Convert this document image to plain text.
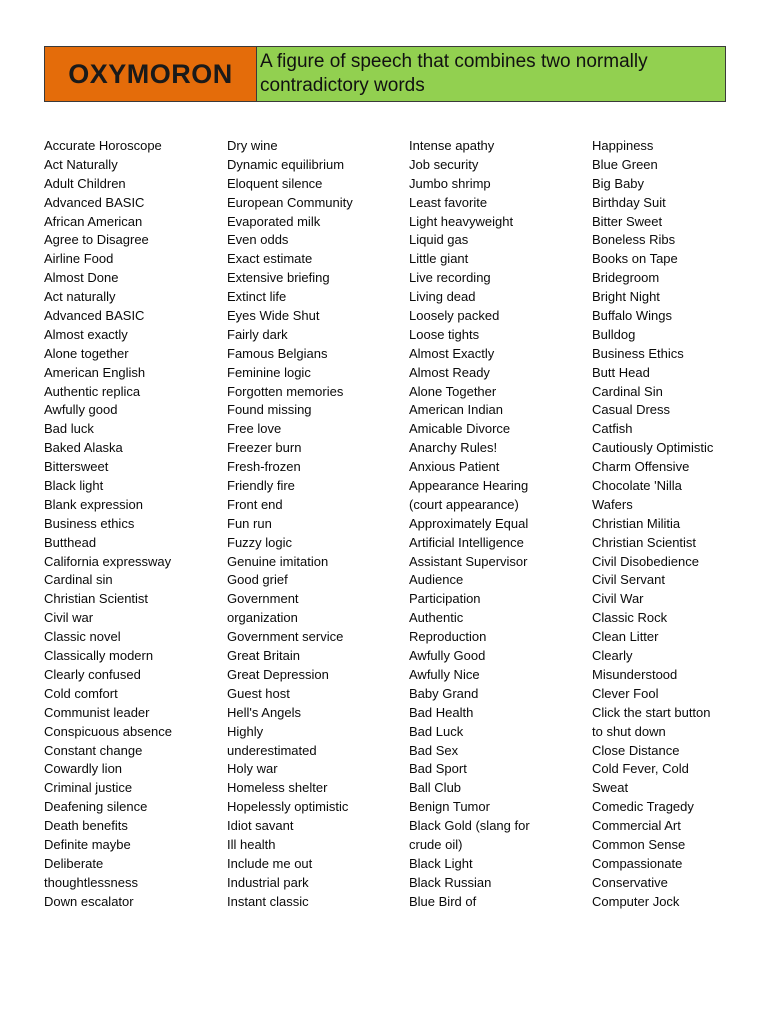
OXYMORON	A figure of speech that combines two normally
contradictory words
Accurate Horoscope
Act Naturally
Adult Children
Advanced BASIC
African American
Agree to Disagree
Airline Food
Almost Done
Act naturally
Advanced BASIC
Almost exactly
Alone together
American English
Authentic replica
Awfully good
Bad luck
Baked Alaska
Bittersweet
Black light
Blank expression
Business ethics
Butthead
California expressway
Cardinal sin
Christian Scientist
Civil war
Classic novel
Classically modern
Clearly confused
Cold comfort
Communist leader
Conspicuous absence
Constant change
Cowardly lion
Criminal justice
Deafening silence
Death benefits
Definite maybe
Deliberate
thoughtlessness
Down escalator
Dry wine
Dynamic equilibrium
Eloquent silence
European Community
Evaporated milk
Even odds
Exact estimate
Extensive briefing
Extinct life
Eyes Wide Shut
Fairly dark
Famous Belgians
Feminine logic
Forgotten memories
Found missing
Free love
Freezer burn
Fresh-frozen
Friendly fire
Front end
Fun run
Fuzzy logic
Genuine imitation
Good grief
Government
organization
Government service
Great Britain
Great Depression
Guest host
Hell's Angels
Highly
underestimated
Holy war
Homeless shelter
Hopelessly optimistic
Idiot savant
Ill health
Include me out
Industrial park
Instant classic
Intense apathy
Job security
Jumbo shrimp
Least favorite
Light heavyweight
Liquid gas
Little giant
Live recording
Living dead
Loosely packed
Loose tights
Almost Exactly
Almost Ready
Alone Together
American Indian
Amicable Divorce
Anarchy Rules!
Anxious Patient
Appearance Hearing
(court appearance)
Approximately Equal
Artificial Intelligence
Assistant Supervisor
Audience
Participation
Authentic
Reproduction
Awfully Good
Awfully Nice
Baby Grand
Bad Health
Bad Luck
Bad Sex
Bad Sport
Ball Club
Benign Tumor
Black Gold (slang for
crude oil)
Black Light
Black Russian
Blue Bird of
Happiness
Blue Green
Big Baby
Birthday Suit
Bitter Sweet
Boneless Ribs
Books on Tape
Bridegroom
Bright Night
Buffalo Wings
Bulldog
Business Ethics
Butt Head
Cardinal Sin
Casual Dress
Catfish
Cautiously Optimistic
Charm Offensive
Chocolate 'Nilla
Wafers
Christian Militia
Christian Scientist
Civil Disobedience
Civil Servant
Civil War
Classic Rock
Clean Litter
Clearly
Misunderstood
Clever Fool
Click the start button
to shut down
Close Distance
Cold Fever, Cold
Sweat
Comedic Tragedy
Commercial Art
Common Sense
Compassionate
Conservative
Computer Jock
